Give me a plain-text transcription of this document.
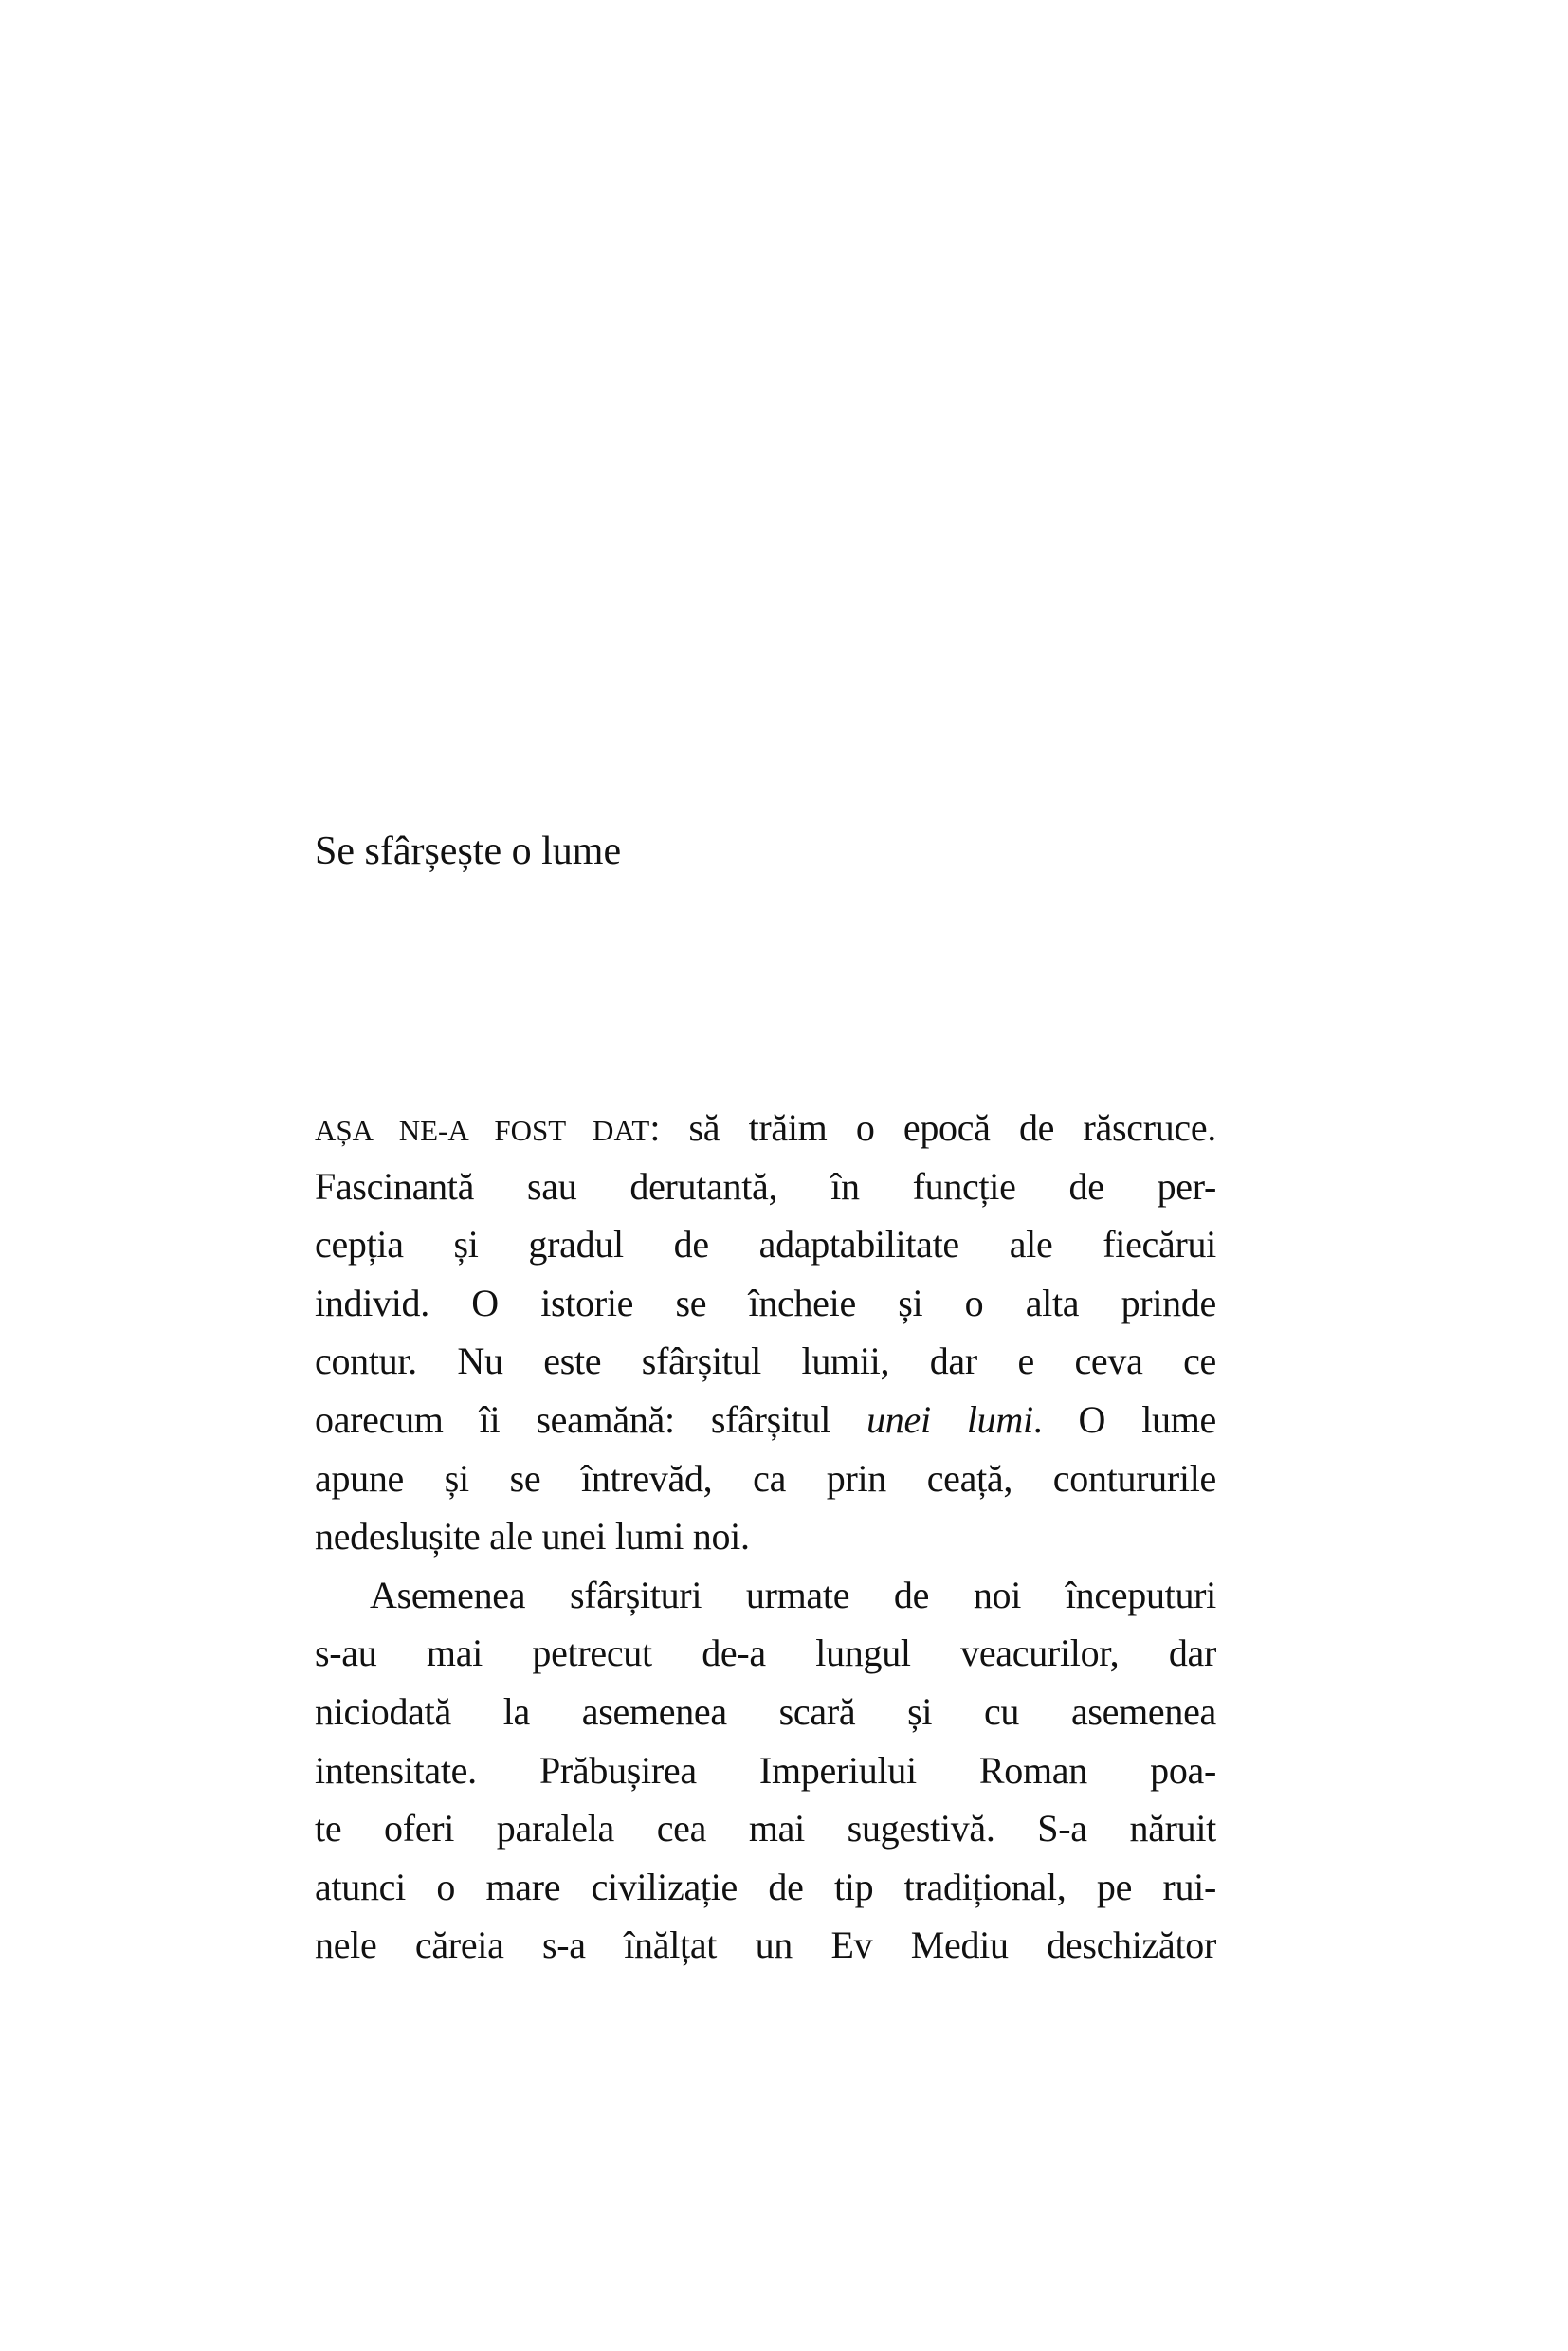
Se sfârșește o lume
AȘA NE-A FOST DAT: să trăim o epocă de răscruce.
Fascinantă sau derutantă, în funcție de per-
cepția și gradul de adaptabilitate ale fiecărui
individ. O istorie se încheie și o alta prinde
contur. Nu este sfârșitul lumii, dar e ceva ce
oarecum îi seamănă: sfârșitul unei lumi. O lume
apune și se întrevăd, ca prin ceață, contururile
nedeslușite ale unei lumi noi.
Asemenea sfârșituri urmate de noi începuturi
s-au mai petrecut de-a lungul veacurilor, dar
niciodată la asemenea scară și cu asemenea
intensitate. Prăbușirea Imperiului Roman poa-
te oferi paralela cea mai sugestivă. S-a năruit
atunci o mare civilizație de tip tradițional, pe rui-
nele căreia s-a înălțat un Ev Mediu deschizător
